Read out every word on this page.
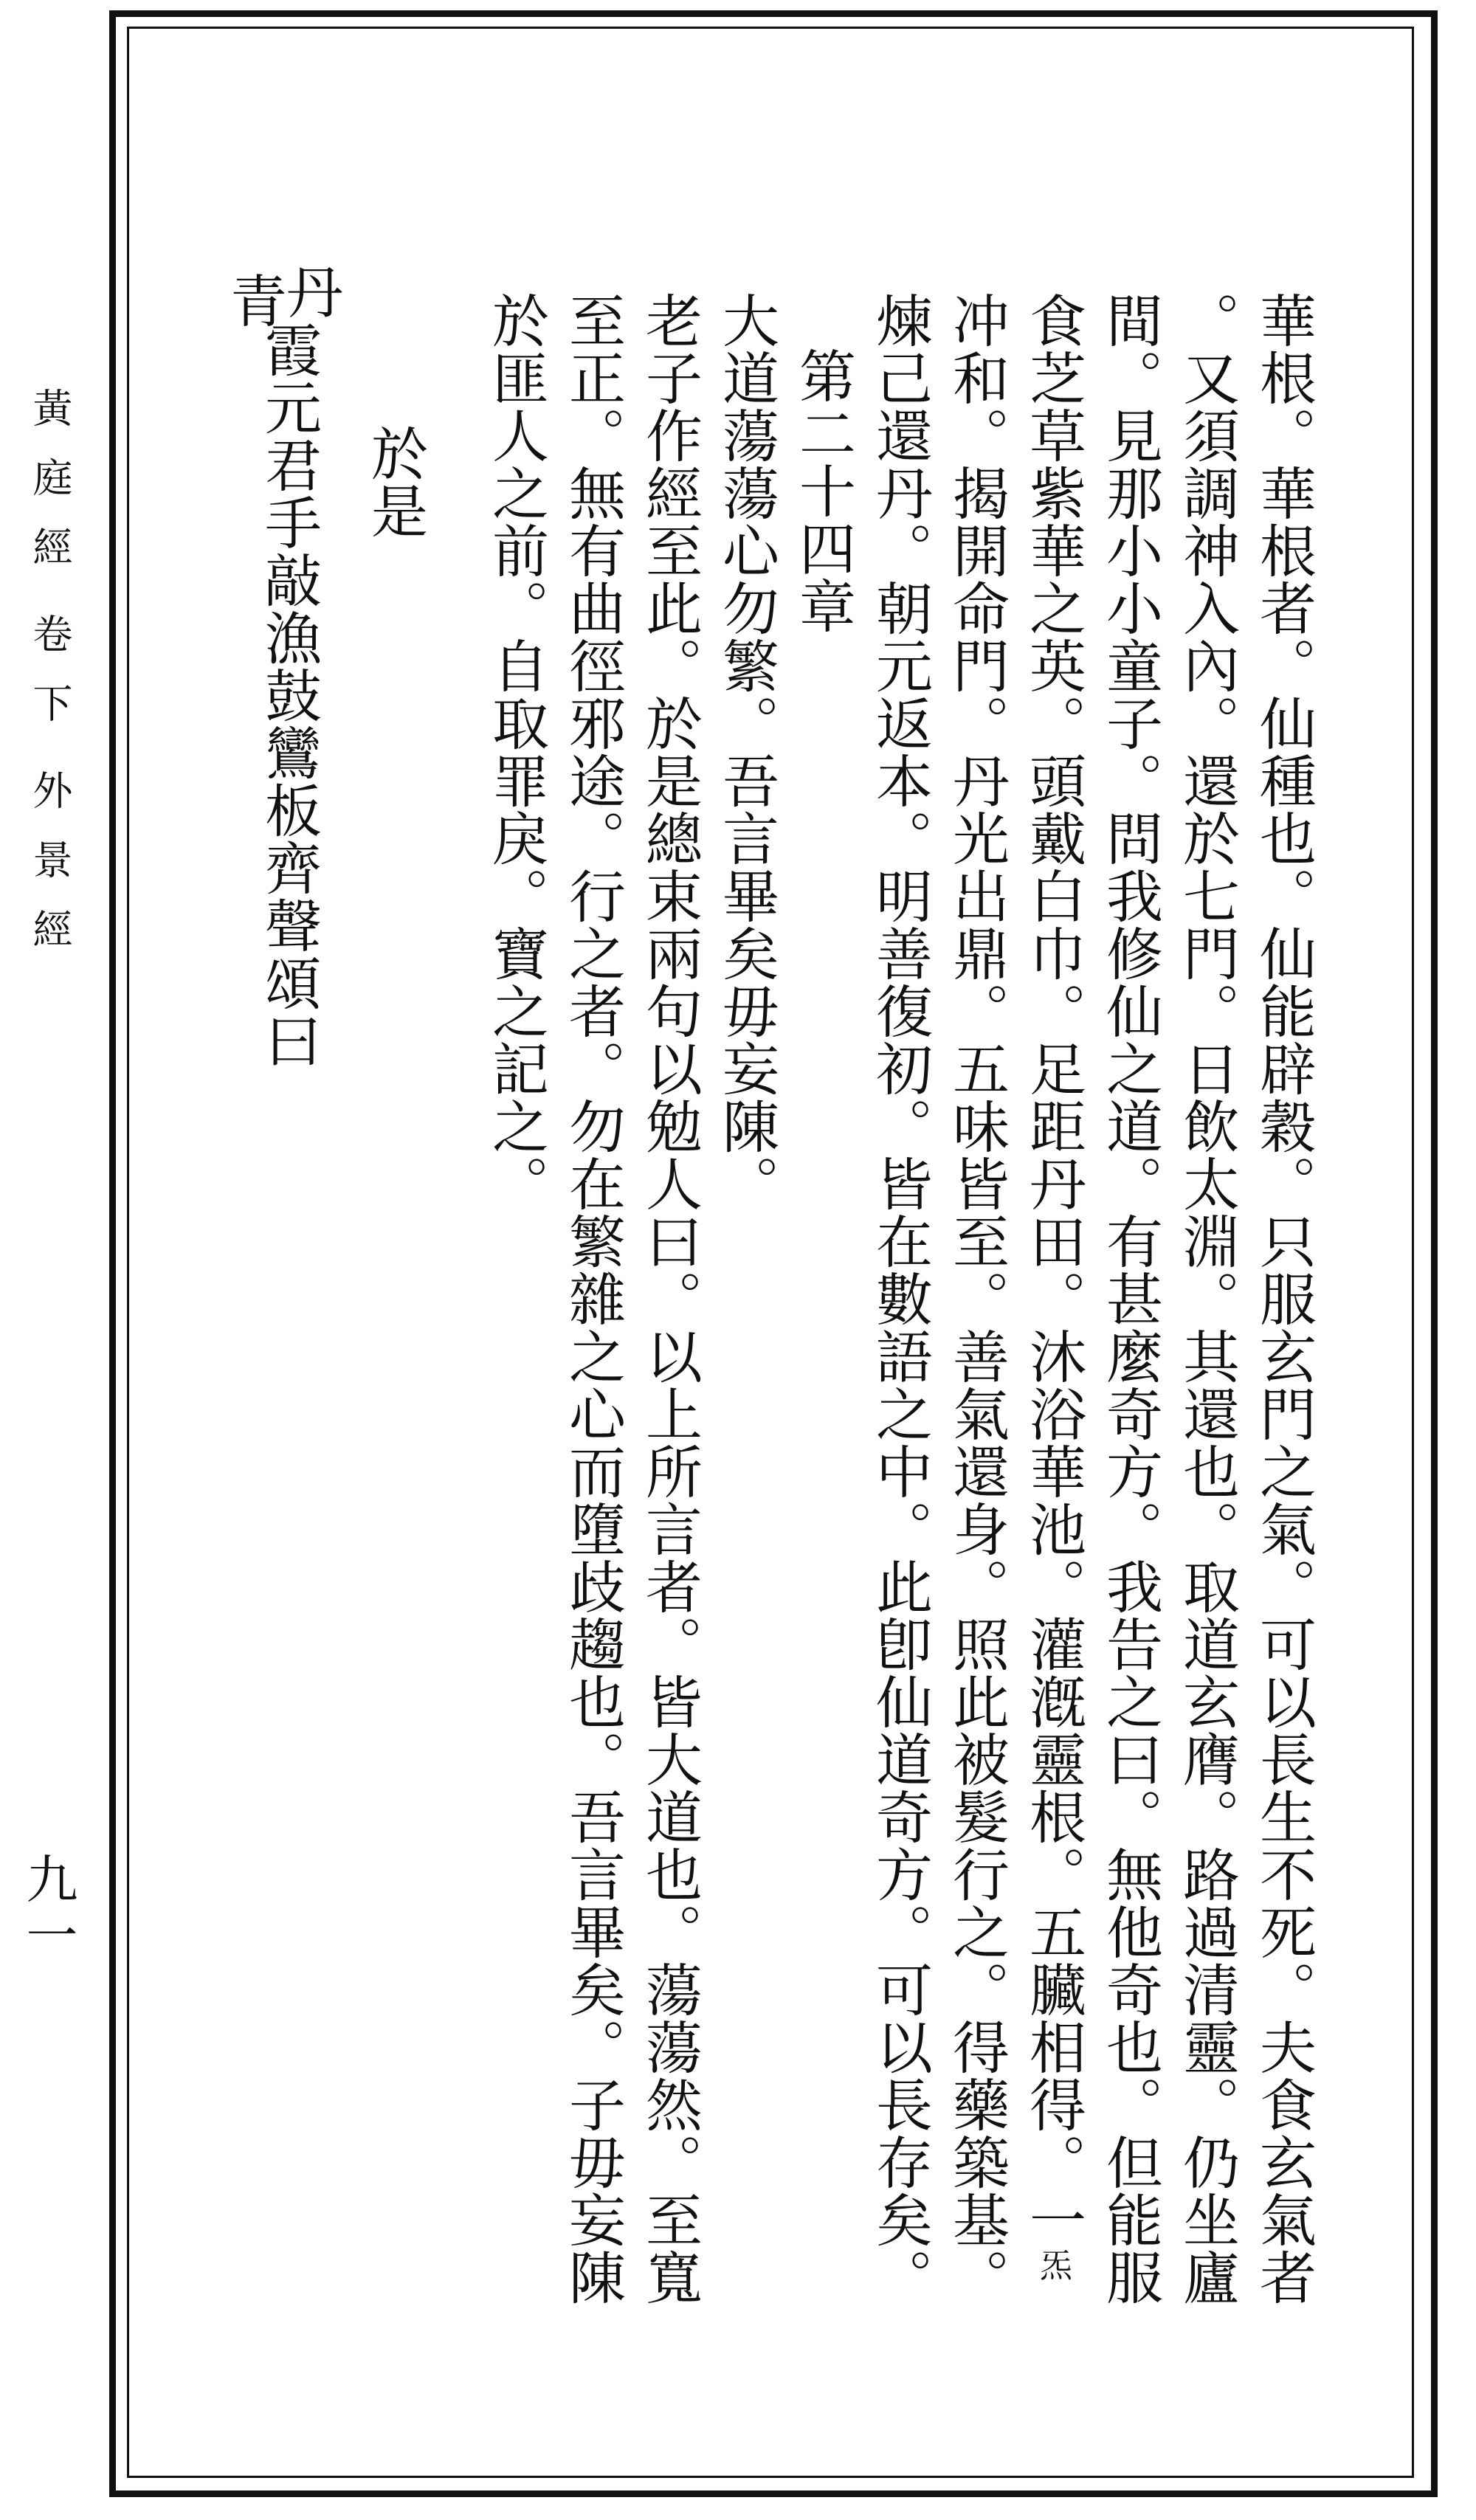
黃庭經卷下外景經
九一	華根。華根者。仙種也。仙能辟穀。只服玄門之氣。可以長生不死。夫食玄氣者
。又須調神入內。還於七門。日飲太淵。其還也。取道玄膺。路過清靈。仍坐廬
間。見那小小童子。問我修仙之道。有甚麼奇方。我告之曰。無他奇也。但能服
食芝草紫華之英。頭戴白巾。足距丹田。沐浴華池。灌漑靈根。五臟相得。一炁
冲和。揭開命門。丹光出鼎。五味皆至。善氣還身。照此被髮行之。得藥築基。
煉己還丹。朝元返本。明善復初。皆在數語之中。此卽仙道奇方。可以長存矣。
第二十四章
大道蕩蕩心勿繁。吾言畢矣毋妄陳。
老子作經至此。於是總束兩句以勉人曰。以上所言者。皆大道也。蕩蕩然。至寬
至正。無有曲徑邪途。行之者。勿在繁雜之心而墮歧趨也。吾言畢矣。子毋妄陳
於匪人之前。自取罪戾。寶之記之。
於是
丹
青
霞元君手敲漁鼓鸞板齊聲頌曰
